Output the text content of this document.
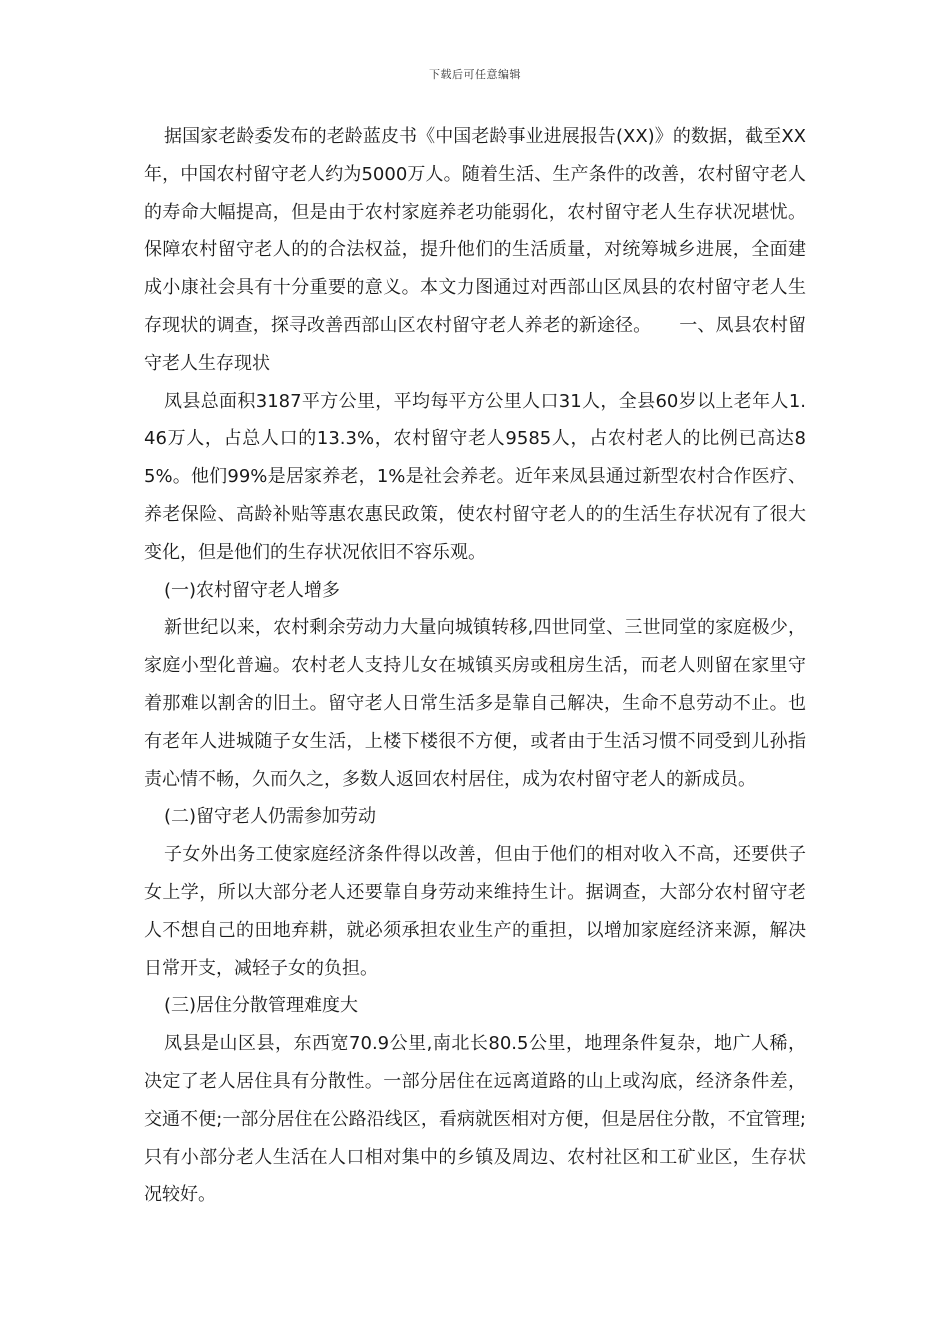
下载后可任意编辑

据国家老龄委发布的老龄蓝皮书《中国老龄事业进展报告(XX)》的数据，截至XX年，中国农村留守老人约为5000万人。随着生活、生产条件的改善，农村留守老人的寿命大幅提高，但是由于农村家庭养老功能弱化，农村留守老人生存状况堪忧。保障农村留守老人的的合法权益，提升他们的生活质量，对统筹城乡进展，全面建成小康社会具有十分重要的意义。本文力图通过对西部山区凤县的农村留守老人生存现状的调查，探寻改善西部山区农村留守老人养老的新途径。 一、凤县农村留守老人生存现状

凤县总面积3187平方公里，平均每平方公里人口31人，全县60岁以上老年人1.46万人，占总人口的13.3%，农村留守老人9585人，占农村老人的比例已高达85%。他们99%是居家养老，1%是社会养老。近年来凤县通过新型农村合作医疗、养老保险、高龄补贴等惠农惠民政策，使农村留守老人的的生活生存状况有了很大变化，但是他们的生存状况依旧不容乐观。

(一)农村留守老人增多

新世纪以来，农村剩余劳动力大量向城镇转移,四世同堂、三世同堂的家庭极少，家庭小型化普遍。农村老人支持儿女在城镇买房或租房生活，而老人则留在家里守着那难以割舍的旧土。留守老人日常生活多是靠自己解决，生命不息劳动不止。也有老年人进城随子女生活，上楼下楼很不方便，或者由于生活习惯不同受到儿孙指责心情不畅，久而久之，多数人返回农村居住，成为农村留守老人的新成员。

(二)留守老人仍需参加劳动

子女外出务工使家庭经济条件得以改善，但由于他们的相对收入不高，还要供子女上学，所以大部分老人还要靠自身劳动来维持生计。据调查，大部分农村留守老人不想自己的田地弃耕，就必须承担农业生产的重担，以增加家庭经济来源，解决日常开支，减轻子女的负担。

(三)居住分散管理难度大

凤县是山区县，东西宽70.9公里,南北长80.5公里，地理条件复杂，地广人稀，决定了老人居住具有分散性。一部分居住在远离道路的山上或沟底，经济条件差，交通不便;一部分居住在公路沿线区，看病就医相对方便，但是居住分散，不宜管理;只有小部分老人生活在人口相对集中的乡镇及周边、农村社区和工矿业区，生存状况较好。
